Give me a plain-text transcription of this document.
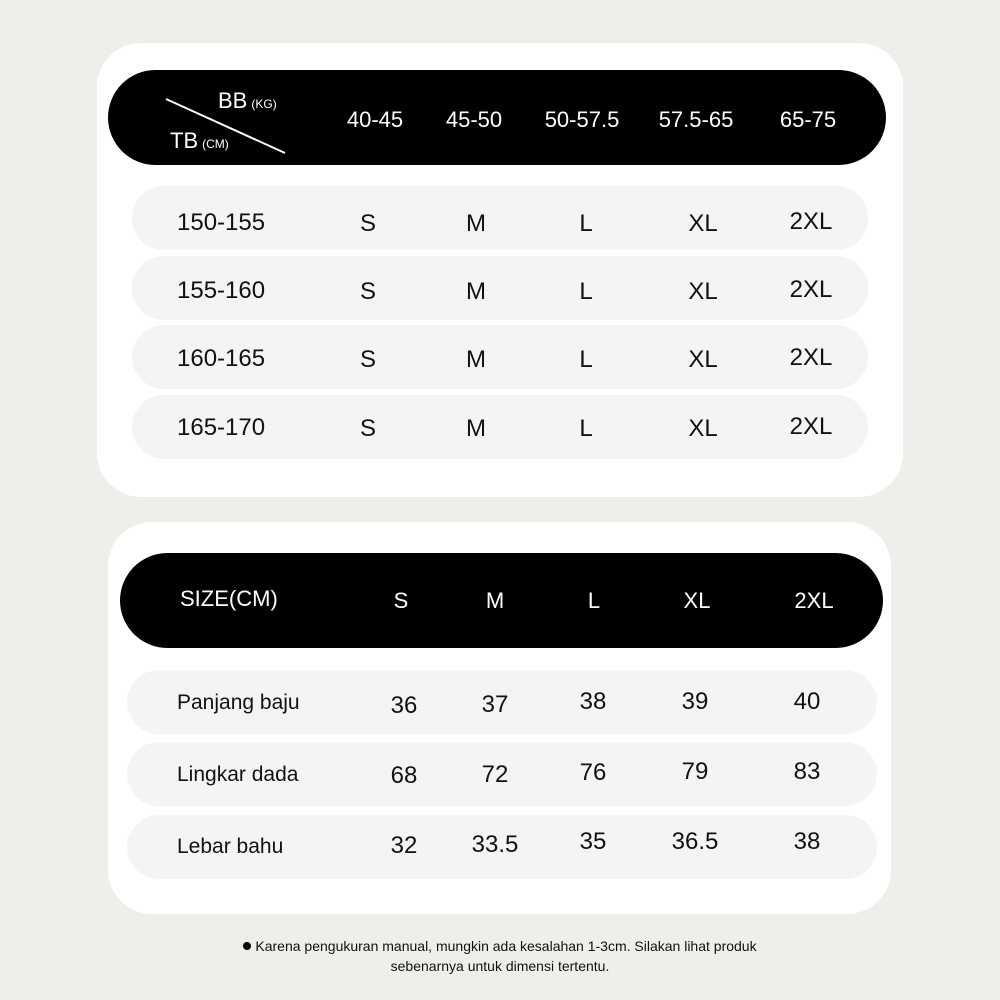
BB (KG)
TB (CM)
40-45 45-50 50-57.5 57.5-65 65-75
150-155	S	M	L	XL	2XL
155-160	S	M	L	XL	2XL
160-165	S	M	L	XL	2XL
165-170	S	M	L	XL	2XL
SIZE(CM)	S	M	L	XL	2XL
Panjang baju	36	37	38	39	40
Lingkar dada	68	72	76	79	83
Lebar bahu	32 33.5	35	36.5	38
Karena pengukuran manual, mungkin ada kesalahan 1-3cm. Silakan lihat produk
sebenarnya untuk dimensi tertentu.
